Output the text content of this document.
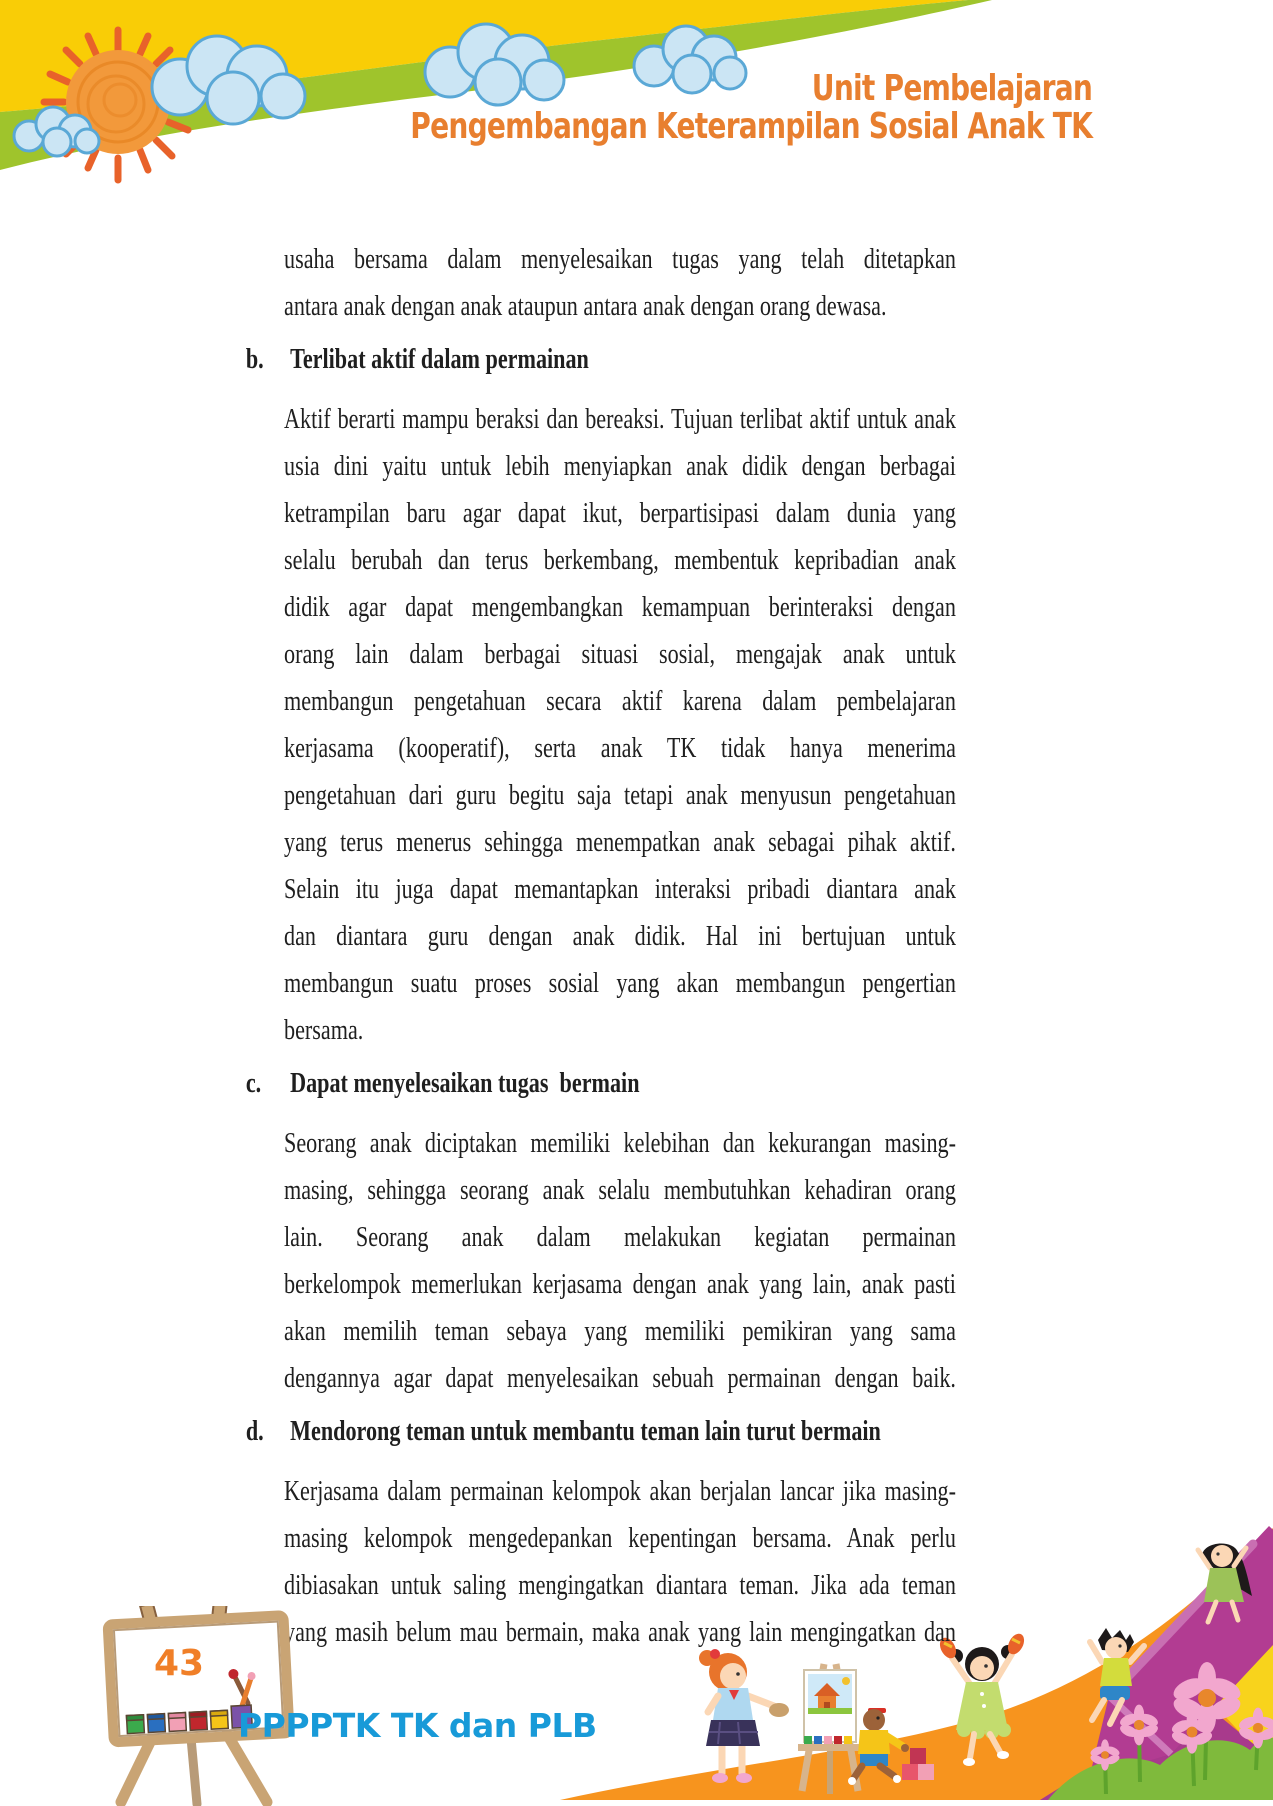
Unit Pembelajaran
Pengembangan Keterampilan Sosial Anak TK
usaha bersama dalam menyelesaikan tugas yang telah ditetapkan
antara anak dengan anak ataupun antara anak dengan orang dewasa.
b. Terlibat aktif dalam permainan
Aktif berarti mampu beraksi dan bereaksi. Tujuan terlibat aktif untuk anak
usia dini yaitu untuk lebih menyiapkan anak didik dengan berbagai
ketrampilan baru agar dapat ikut, berpartisipasi dalam dunia yang
selalu berubah dan terus berkembang, membentuk kepribadian anak
didik agar dapat mengembangkan kemampuan berinteraksi dengan
orang lain dalam berbagai situasi sosial, mengajak anak untuk
membangun pengetahuan secara aktif karena dalam pembelajaran
kerjasama (kooperatif), serta anak TK tidak hanya menerima
pengetahuan dari guru begitu saja tetapi anak menyusun pengetahuan
yang terus menerus sehingga menempatkan anak sebagai pihak aktif.
Selain itu juga dapat memantapkan interaksi pribadi diantara anak
dan diantara guru dengan anak didik. Hal ini bertujuan untuk
membangun suatu proses sosial yang akan membangun pengertian
bersama.
c. Dapat menyelesaikan tugas  bermain
Seorang anak diciptakan memiliki kelebihan dan kekurangan masing-
masing, sehingga seorang anak selalu membutuhkan kehadiran orang
lain. Seorang anak dalam melakukan kegiatan permainan
berkelompok memerlukan kerjasama dengan anak yang lain, anak pasti
akan memilih teman sebaya yang memiliki pemikiran yang sama
dengannya agar dapat menyelesaikan sebuah permainan dengan baik.
d. Mendorong teman untuk membantu teman lain turut bermain
Kerjasama dalam permainan kelompok akan berjalan lancar jika masing-
masing kelompok mengedepankan kepentingan bersama. Anak perlu
dibiasakan untuk saling mengingatkan diantara teman. Jika ada teman
yang masih belum mau bermain, maka anak yang lain mengingatkan dan
43
PPPPTK TK dan PLB
